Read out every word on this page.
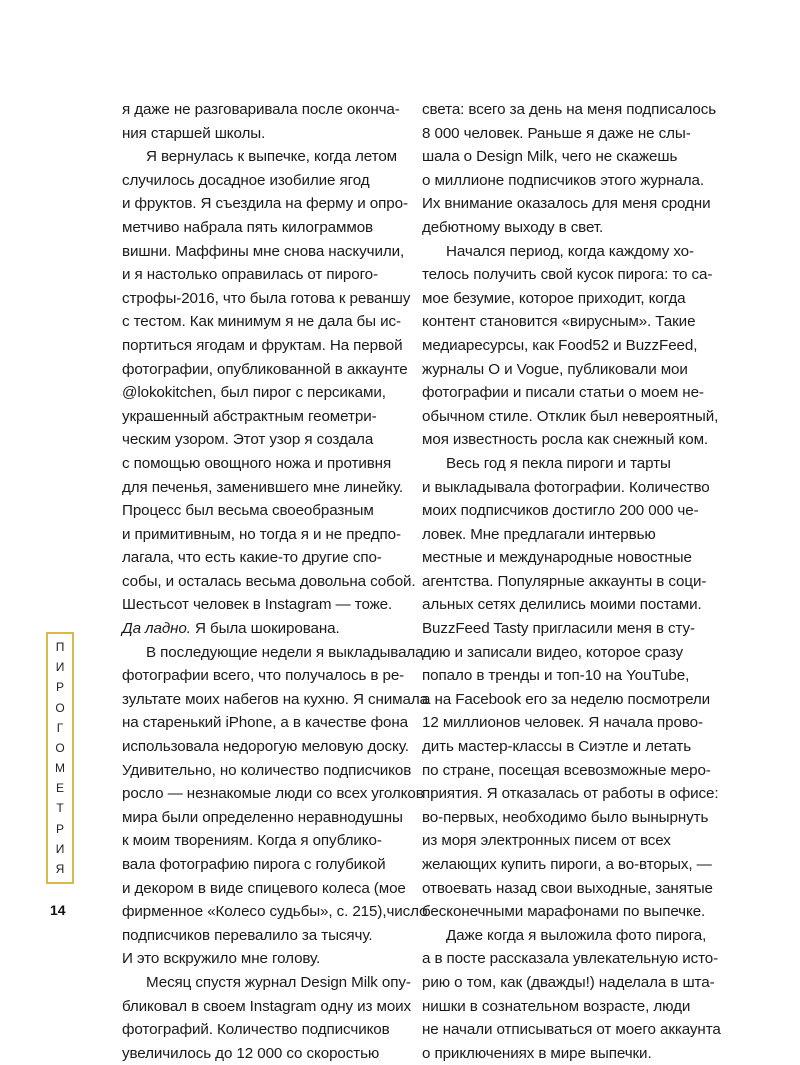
я даже не разговаривала после оконча-
ния старшей школы.
Я вернулась к выпечке, когда летом
случилось досадное изобилие ягод
и фруктов. Я съездила на ферму и опро-
метчиво набрала пять килограммов
вишни. Маффины мне снова наскучили,
и я настолько оправилась от пирого-
строфы-2016, что была готова к реваншу
с тестом. Как минимум я не дала бы ис-
портиться ягодам и фруктам. На первой
фотографии, опубликованной в аккаунте
@lokokitchen, был пирог с персиками,
украшенный абстрактным геометри-
ческим узором. Этот узор я создала
с помощью овощного ножа и противня
для печенья, заменившего мне линейку.
Процесс был весьма своеобразным
и примитивным, но тогда я и не предпо-
лагала, что есть какие-то другие спо-
собы, и осталась весьма довольна собой.
Шестьсот человек в Instagram — тоже.
Да ладно. Я была шокирована.
В последующие недели я выкладывала
фотографии всего, что получалось в ре-
зультате моих набегов на кухню. Я снимала
на старенький iPhone, а в качестве фона
использовала недорогую меловую доску.
Удивительно, но количество подписчиков
росло — незнакомые люди со всех уголков
мира были определенно неравнодушны
к моим творениям. Когда я опублико-
вала фотографию пирога с голубикой
и декором в виде спицевого колеса (мое
фирменное «Колесо судьбы», с. 215),число
подписчиков перевалило за тысячу.
И это вскружило мне голову.
Месяц спустя журнал Design Milk опу-
бликовал в своем Instagram одну из моих
фотографий. Количество подписчиков
увеличилось до 12 000 со скоростью
света: всего за день на меня подписалось
8 000 человек. Раньше я даже не слы-
шала о Design Milk, чего не скажешь
о миллионе подписчиков этого журнала.
Их внимание оказалось для меня сродни
дебютному выходу в свет.
Начался период, когда каждому хо-
телось получить свой кусок пирога: то са-
мое безумие, которое приходит, когда
контент становится «вирусным». Такие
медиаресурсы, как Food52 и BuzzFeed,
журналы O и Vogue, публиковали мои
фотографии и писали статьи о моем не-
обычном стиле. Отклик был невероятный,
моя известность росла как снежный ком.
Весь год я пекла пироги и тарты
и выкладывала фотографии. Количество
моих подписчиков достигло 200 000 че-
ловек. Мне предлагали интервью
местные и международные новостные
агентства. Популярные аккаунты в соци-
альных сетях делились моими постами.
BuzzFeed Tasty пригласили меня в сту-
дию и записали видео, которое сразу
попало в тренды и топ-10 на YouTube,
а на Facebook его за неделю посмотрели
12 миллионов человек. Я начала прово-
дить мастер-классы в Сиэтле и летать
по стране, посещая всевозможные меро-
приятия. Я отказалась от работы в офисе:
во-первых, необходимо было вынырнуть
из моря электронных писем от всех
желающих купить пироги, а во-вторых, —
отвоевать назад свои выходные, занятые
бесконечными марафонами по выпечке.
Даже когда я выложила фото пирога,
а в посте рассказала увлекательную исто-
рию о том, как (дважды!) наделала в шта-
нишки в сознательном возрасте, люди
не начали отписываться от моего аккаунта
о приключениях в мире выпечки.
П
И
Р
О
Г
О
М
Е
Т
Р
И
Я
14
